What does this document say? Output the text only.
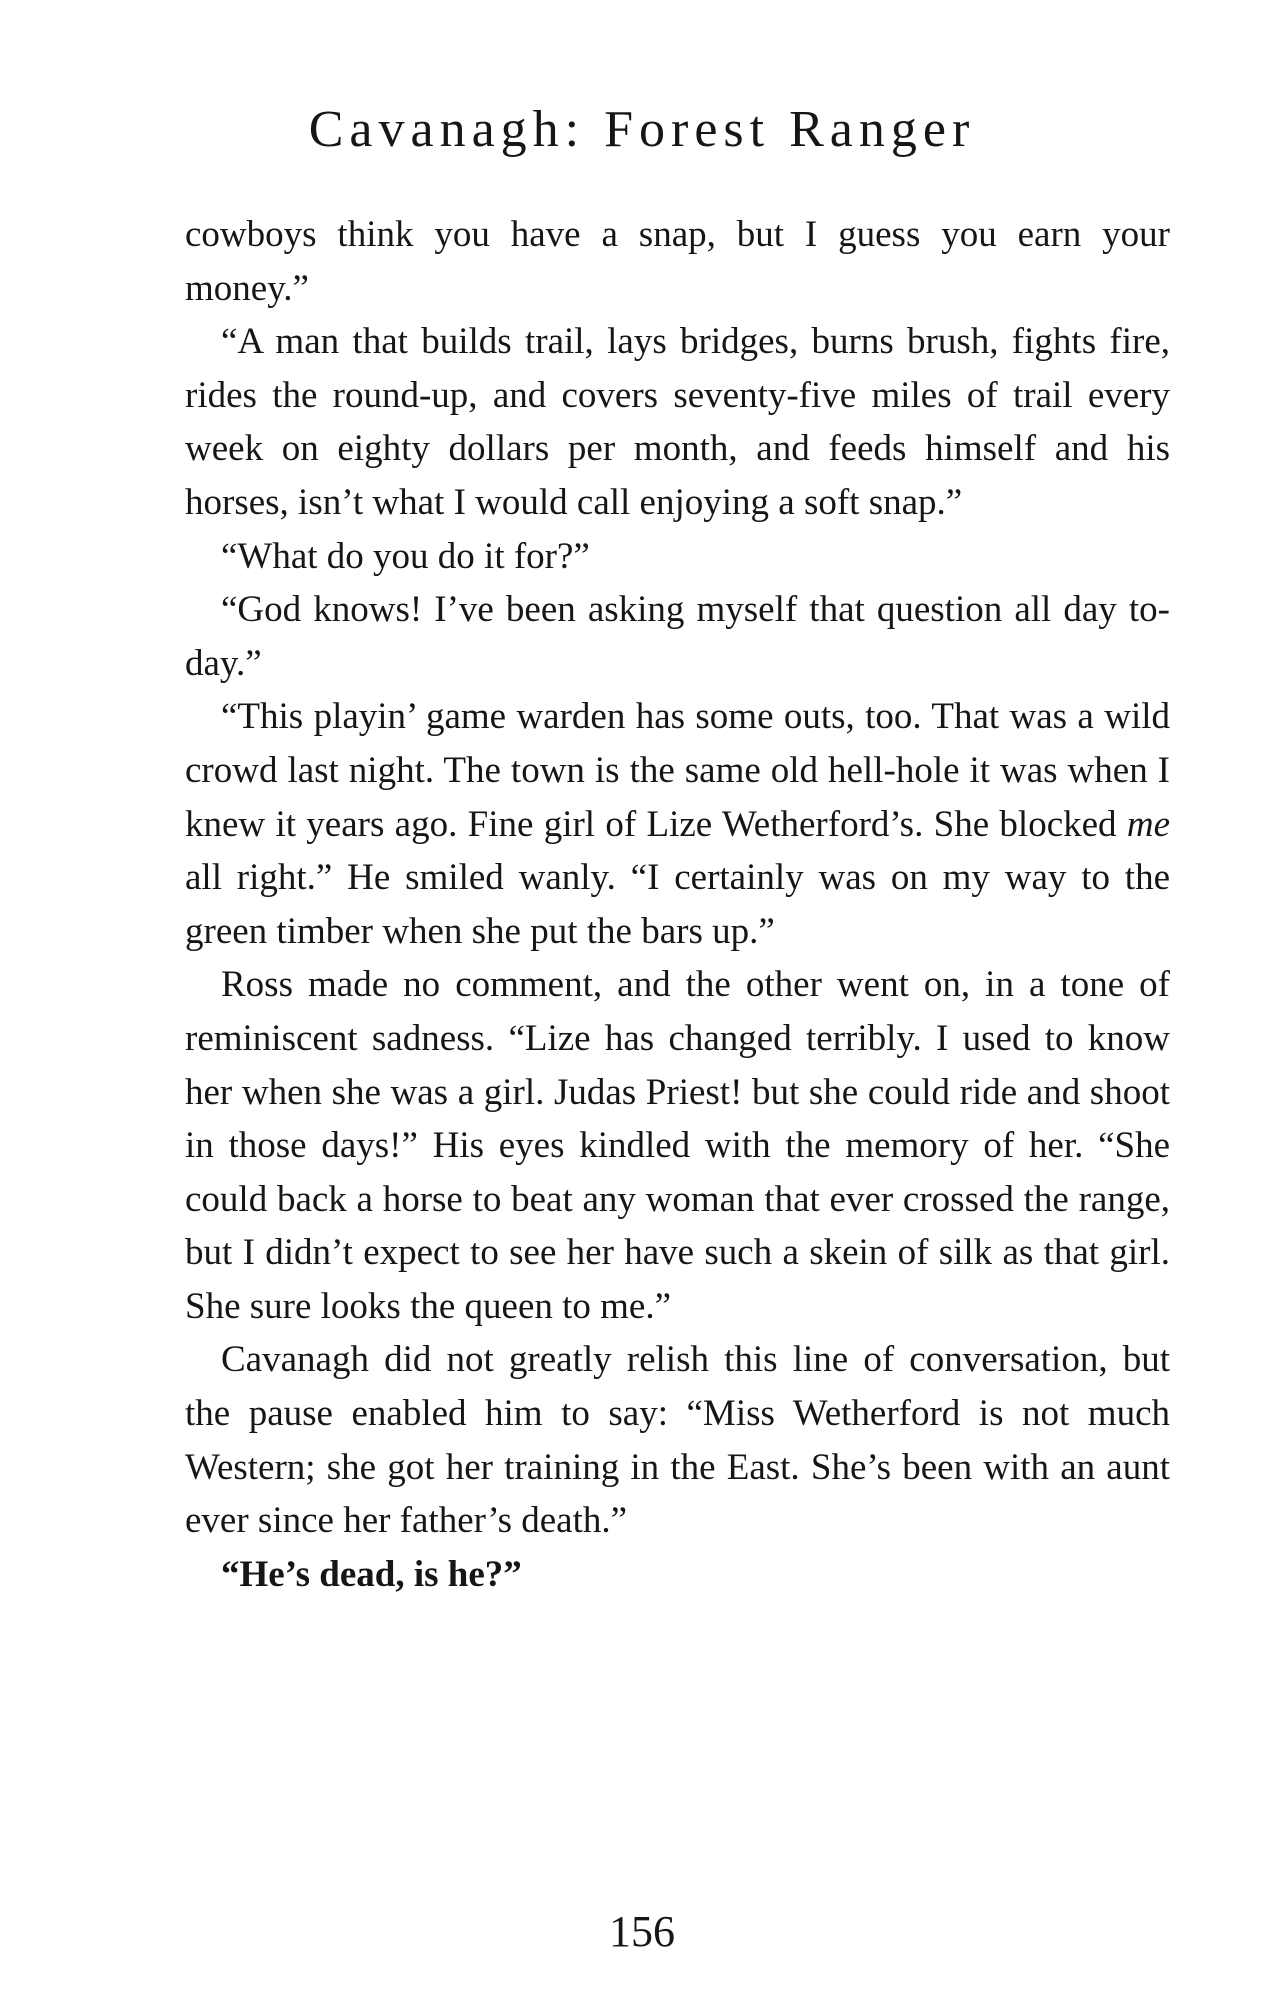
Cavanagh: Forest Ranger

cowboys think you have a snap, but I guess you earn your money.”

“A man that builds trail, lays bridges, burns brush, fights fire, rides the round-up, and covers seventy-five miles of trail every week on eighty dollars per month, and feeds himself and his horses, isn’t what I would call enjoying a soft snap.”

“What do you do it for?”

“God knows! I’ve been asking myself that question all day to-day.”

“This playin’ game warden has some outs, too. That was a wild crowd last night. The town is the same old hell-hole it was when I knew it years ago. Fine girl of Lize Wetherford’s. She blocked me all right.” He smiled wanly. “I certainly was on my way to the green timber when she put the bars up.”

Ross made no comment, and the other went on, in a tone of reminiscent sadness. “Lize has changed terribly. I used to know her when she was a girl. Judas Priest! but she could ride and shoot in those days!” His eyes kindled with the memory of her. “She could back a horse to beat any woman that ever crossed the range, but I didn’t expect to see her have such a skein of silk as that girl. She sure looks the queen to me.”

Cavanagh did not greatly relish this line of conversation, but the pause enabled him to say: “Miss Wetherford is not much Western; she got her training in the East. She’s been with an aunt ever since her father’s death.”

“He’s dead, is he?”

156
